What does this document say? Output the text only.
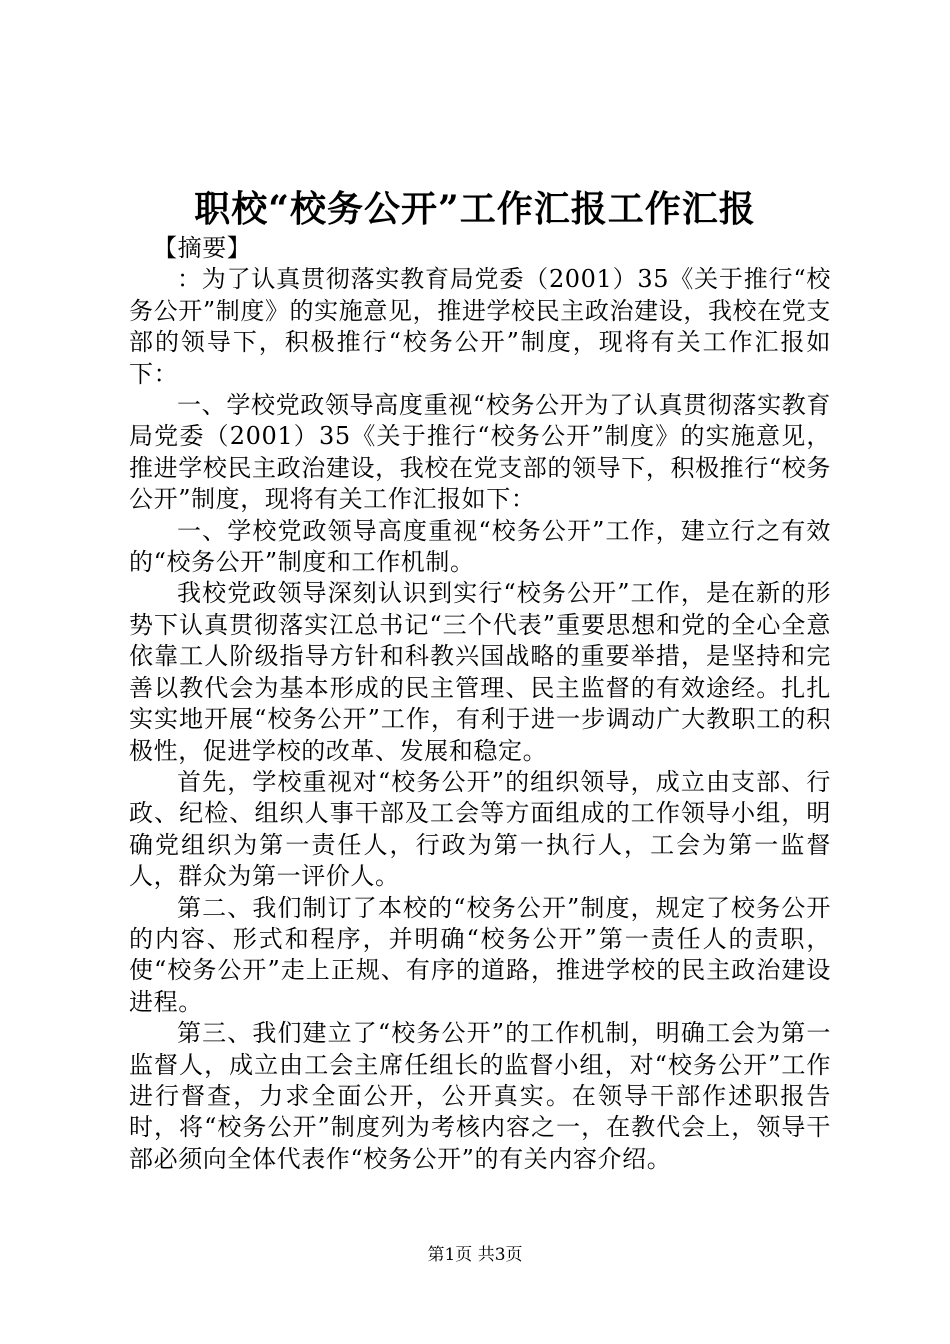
职校“校务公开”工作汇报工作汇报

【摘要】

：为了认真贯彻落实教育局党委（2001）35《关于推行“校务公开”制度》的实施意见，推进学校民主政治建设，我校在党支部的领导下，积极推行“校务公开”制度，现将有关工作汇报如下：

一、学校党政领导高度重视“校务公开为了认真贯彻落实教育局党委（2001）35《关于推行“校务公开”制度》的实施意见，推进学校民主政治建设，我校在党支部的领导下，积极推行“校务公开”制度，现将有关工作汇报如下：

一、学校党政领导高度重视“校务公开”工作，建立行之有效的“校务公开”制度和工作机制。

我校党政领导深刻认识到实行“校务公开”工作，是在新的形势下认真贯彻落实江总书记“三个代表”重要思想和党的全心全意依靠工人阶级指导方针和科教兴国战略的重要举措，是坚持和完善以教代会为基本形成的民主管理、民主监督的有效途经。扎扎实实地开展“校务公开”工作，有利于进一步调动广大教职工的积极性，促进学校的改革、发展和稳定。

首先，学校重视对“校务公开”的组织领导，成立由支部、行政、纪检、组织人事干部及工会等方面组成的工作领导小组，明确党组织为第一责任人，行政为第一执行人，工会为第一监督人，群众为第一评价人。

第二、我们制订了本校的“校务公开”制度，规定了校务公开的内容、形式和程序，并明确“校务公开”第一责任人的责职，使“校务公开”走上正规、有序的道路，推进学校的民主政治建设进程。

第三、我们建立了“校务公开”的工作机制，明确工会为第一监督人，成立由工会主席任组长的监督小组，对“校务公开”工作进行督查，力求全面公开，公开真实。在领导干部作述职报告时，将“校务公开”制度列为考核内容之一，在教代会上，领导干部必须向全体代表作“校务公开”的有关内容介绍。

第1页 共3页
